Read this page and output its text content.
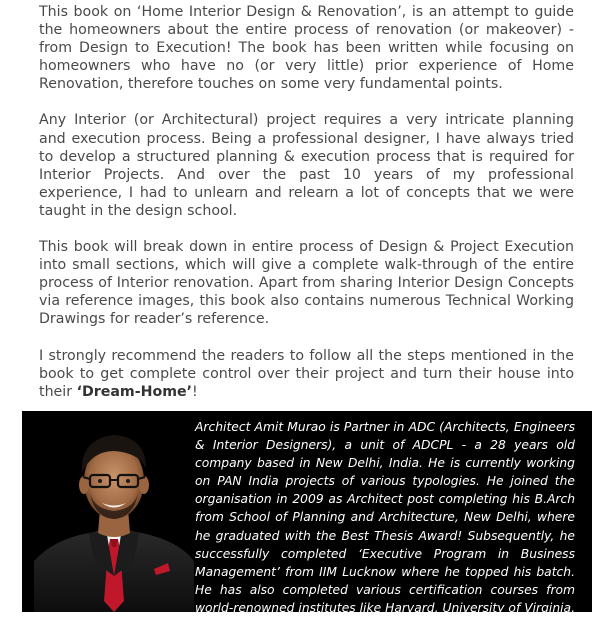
This book on ‘Home Interior Design & Renovation’, is an attempt to guide the homeowners about the entire process of renovation (or makeover) - from Design to Execution! The book has been written while focusing on homeowners who have no (or very little) prior experience of Home Renovation, therefore touches on some very fundamental points.

Any Interior (or Architectural) project requires a very intricate planning and execution process. Being a professional designer, I have always tried to develop a structured planning & execution process that is required for Interior Projects. And over the past 10 years of my professional experience, I had to unlearn and relearn a lot of concepts that we were taught in the design school.

This book will break down in entire process of Design & Project Execution into small sections, which will give a complete walk-through of the entire process of Interior renovation. Apart from sharing Interior Design Concepts via reference images, this book also contains numerous Technical Working Drawings for reader’s reference.

I strongly recommend the readers to follow all the steps mentioned in the book to get complete control over their project and turn their house into their ‘Dream-Home’!

Architect Amit Murao is Partner in ADC (Architects, Engineers & Interior Designers), a unit of ADCPL - a 28 years old company based in New Delhi, India. He is currently working on PAN India projects of various typologies. He joined the organisation in 2009 as Architect post completing his B.Arch from School of Planning and Architecture, New Delhi, where he graduated with the Best Thesis Award! Subsequently, he successfully completed ‘Executive Program in Business Management’ from IIM Lucknow where he topped his batch. He has also completed various certification courses from world-renowned institutes like Harvard, University of Virginia, IIT Roorkee, etc.
